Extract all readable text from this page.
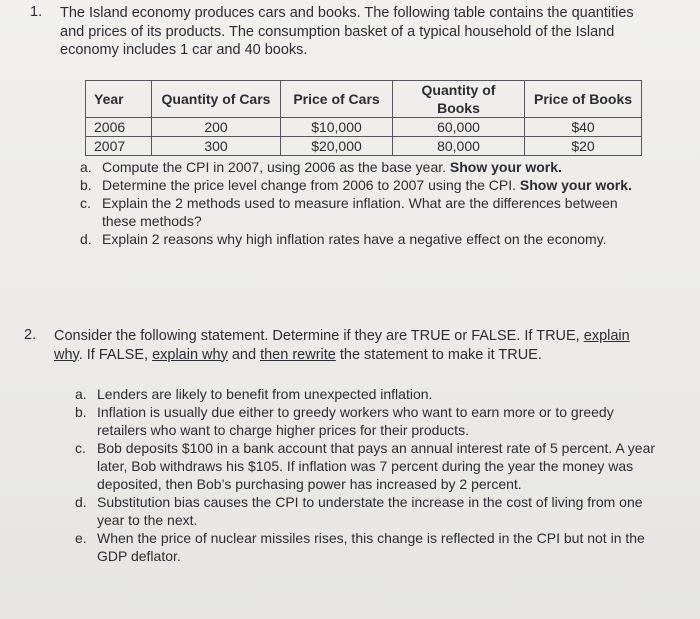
1. The Island economy produces cars and books. The following table contains the quantities and prices of its products. The consumption basket of a typical household of the Island economy includes 1 car and 40 books.

Year	Quantity of Cars	Price of Cars	Quantity of Books	Price of Books
2006	200	$10,000	60,000	$40
2007	300	$20,000	80,000	$20
a. Compute the CPI in 2007, using 2006 as the base year. Show your work.
b. Determine the price level change from 2006 to 2007 using the CPI. Show your work.
c. Explain the 2 methods used to measure inflation. What are the differences between these methods?
d. Explain 2 reasons why high inflation rates have a negative effect on the economy.
2. Consider the following statement. Determine if they are TRUE or FALSE. If TRUE, explain why. If FALSE, explain why and then rewrite the statement to make it TRUE.

a. Lenders are likely to benefit from unexpected inflation.
b. Inflation is usually due either to greedy workers who want to earn more or to greedy retailers who want to charge higher prices for their products.
c. Bob deposits $100 in a bank account that pays an annual interest rate of 5 percent. A year later, Bob withdraws his $105. If inflation was 7 percent during the year the money was deposited, then Bob’s purchasing power has increased by 2 percent.
d. Substitution bias causes the CPI to understate the increase in the cost of living from one year to the next.
e. When the price of nuclear missiles rises, this change is reflected in the CPI but not in the GDP deflator.
